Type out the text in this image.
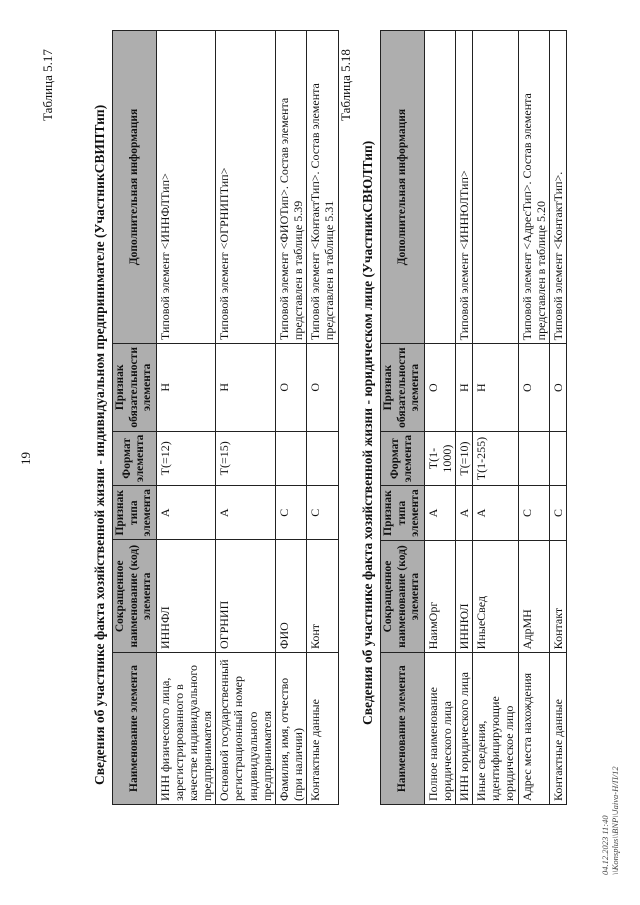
19
Таблица 5.17
Сведения об участнике факта хозяйственной жизни - индивидуальном предпринимателе (УчастникСВИПТип) Наименование элемента	Сокращенное наименование (код) элемента	Признак типа элемента	Формат элемента	Признак обязательности элемента	Дополнительная информация
ИНН физического лица, зарегистрированного в качестве индивидуального предпринимателя	ИННФЛ	А	T(=12)	Н	Типовой элемент <ИННФЛТип>
Основной государственный регистрационный номер индивидуального предпринимателя	ОГРНИП	А	T(=15)	Н	Типовой элемент <ОГРНИПТип>
Фамилия, имя, отчество (при наличии)	ФИО	С		О	Типовой элемент <ФИОТип>. Состав элемента представлен в таблице 5.39
Контактные данные	Конт	С		О	Типовой элемент <КонтактТип>. Состав элемента представлен в таблице 5.31
Таблица 5.18
Сведения об участнике факта хозяйственной жизни - юридическом лице (УчастникСВЮЛТип)
Наименование элемента	Сокращенное наименование (код) элемента	Признак типа элемента	Формат элемента	Признак обязательности элемента	Дополнительная информация
Полное наименование юридического лица	НаимОрг	А	T(1-1000)	О	
ИНН юридического лица	ИННЮЛ	А	T(=10)	Н	Типовой элемент <ИННЮЛТип>
Иные сведения, идентифицирующие юридическое лицо	ИныеСвед	А	T(1-255)	Н	
Адрес места нахождения	АдрМН	С		О	Типовой элемент <АдресТип>. Состав элемента представлен в таблице 5.20
Контактные данные	Контакт	С		О	Типовой элемент <КонтактТип>.
04.12.2023 11:40 \\Konsplus\\BNP\\Jaiva-H/П/12
